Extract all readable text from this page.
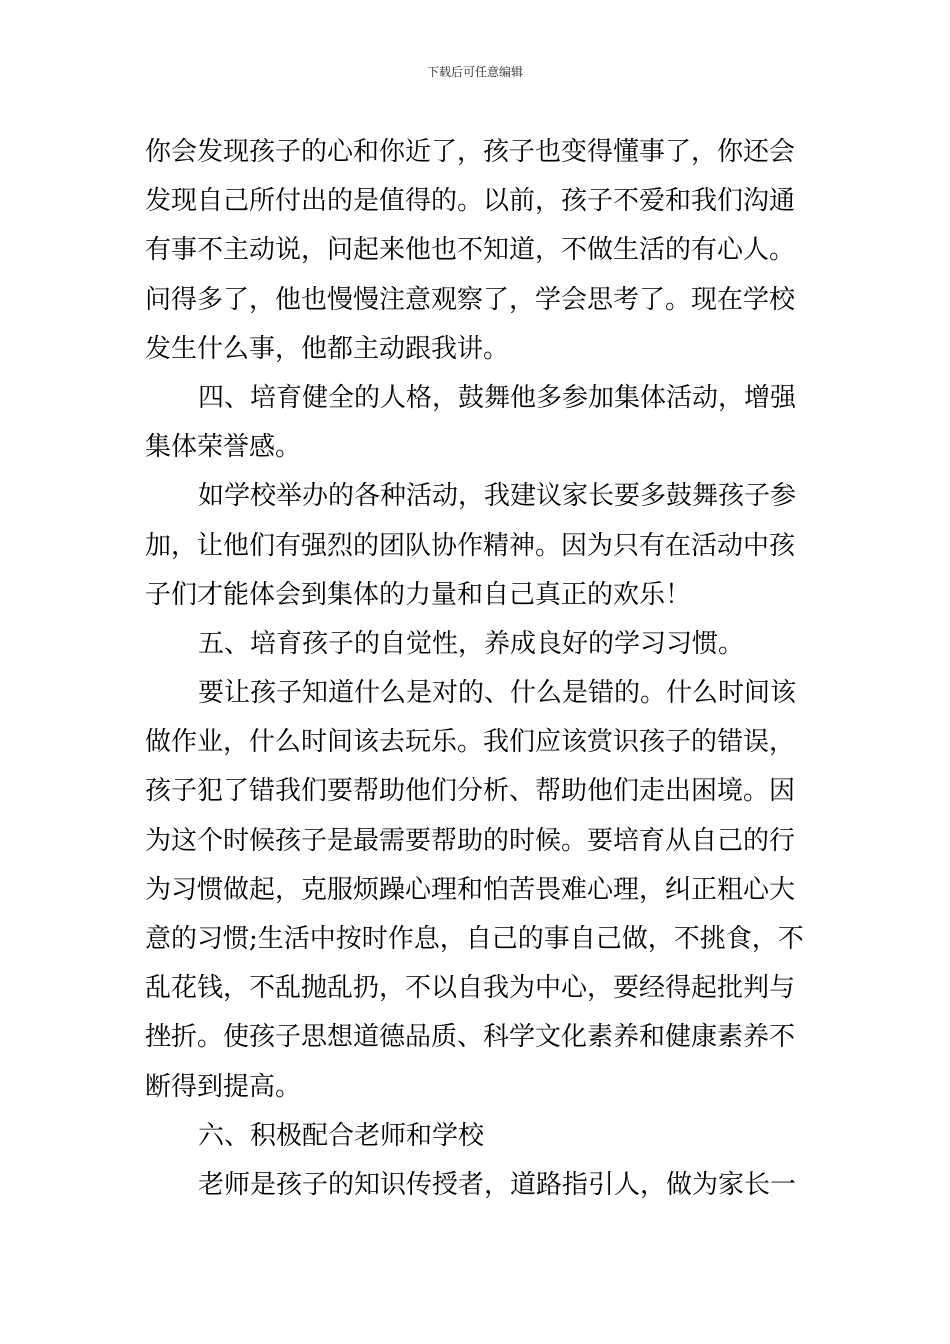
下载后可任意编辑
你会发现孩子的心和你近了，孩子也变得懂事了，你还会
发现自己所付出的是值得的。以前，孩子不爱和我们沟通
有事不主动说，问起来他也不知道，不做生活的有心人。
问得多了，他也慢慢注意观察了，学会思考了。现在学校
发生什么事，他都主动跟我讲。
四、培育健全的人格，鼓舞他多参加集体活动，增强
集体荣誉感。
如学校举办的各种活动，我建议家长要多鼓舞孩子参
加，让他们有强烈的团队协作精神。因为只有在活动中孩
子们才能体会到集体的力量和自己真正的欢乐！
五、培育孩子的自觉性，养成良好的学习习惯。
要让孩子知道什么是对的、什么是错的。什么时间该
做作业，什么时间该去玩乐。我们应该赏识孩子的错误，
孩子犯了错我们要帮助他们分析、帮助他们走出困境。因
为这个时候孩子是最需要帮助的时候。要培育从自己的行
为习惯做起，克服烦躁心理和怕苦畏难心理，纠正粗心大
意的习惯;生活中按时作息，自己的事自己做，不挑食，不
乱花钱，不乱抛乱扔，不以自我为中心，要经得起批判与
挫折。使孩子思想道德品质、科学文化素养和健康素养不
断得到提高。
六、积极配合老师和学校
老师是孩子的知识传授者，道路指引人，做为家长一
